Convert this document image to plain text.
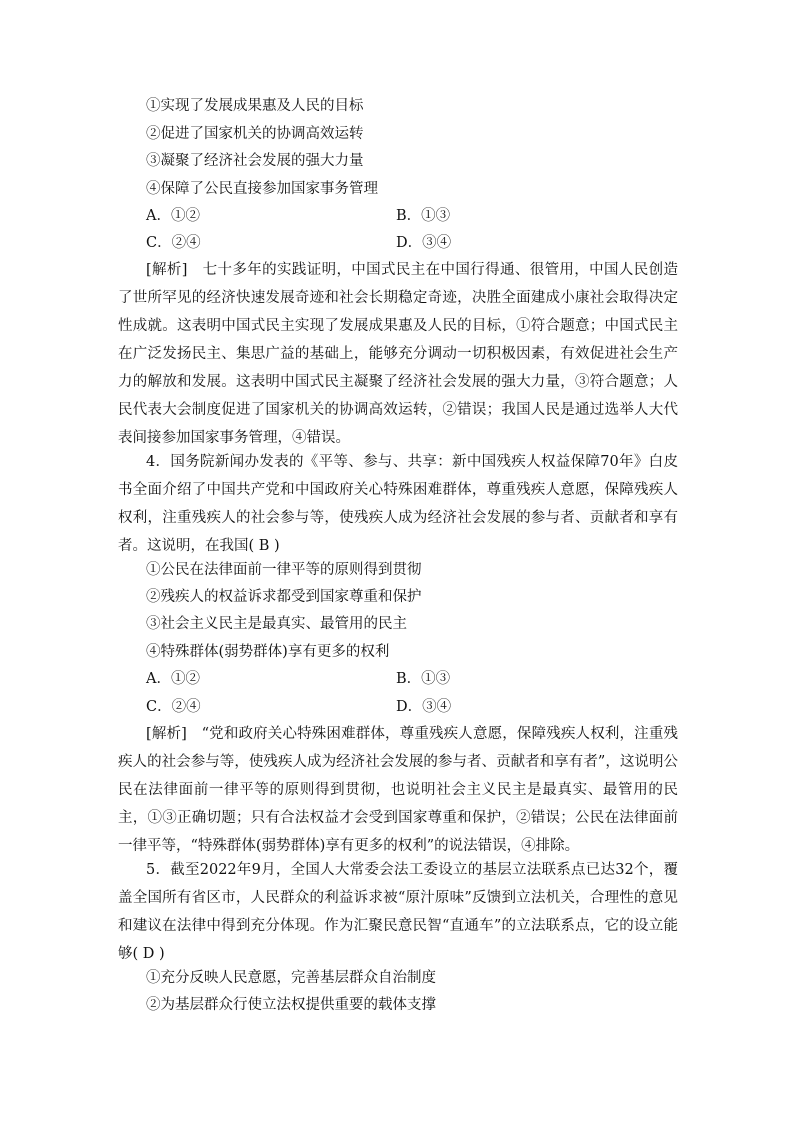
①实现了发展成果惠及人民的目标
②促进了国家机关的协调高效运转
③凝聚了经济社会发展的强大力量
④保障了公民直接参加国家事务管理
A．①②	B．①③
C．②④	D．③④

[解析]　七十多年的实践证明，中国式民主在中国行得通、很管用，中国人民创造了世所罕见的经济快速发展奇迹和社会长期稳定奇迹，决胜全面建成小康社会取得决定性成就。这表明中国式民主实现了发展成果惠及人民的目标，①符合题意；中国式民主在广泛发扬民主、集思广益的基础上，能够充分调动一切积极因素，有效促进社会生产力的解放和发展。这表明中国式民主凝聚了经济社会发展的强大力量，③符合题意；人民代表大会制度促进了国家机关的协调高效运转，②错误；我国人民是通过选举人大代表间接参加国家事务管理，④错误。

4．国务院新闻办发表的《平等、参与、共享：新中国残疾人权益保障70年》白皮书全面介绍了中国共产党和中国政府关心特殊困难群体，尊重残疾人意愿，保障残疾人权利，注重残疾人的社会参与等，使残疾人成为经济社会发展的参与者、贡献者和享有者。这说明，在我国( B )

①公民在法律面前一律平等的原则得到贯彻
②残疾人的权益诉求都受到国家尊重和保护
③社会主义民主是最真实、最管用的民主
④特殊群体(弱势群体)享有更多的权利
A．①②	B．①③
C．②④	D．③④

[解析]　“党和政府关心特殊困难群体，尊重残疾人意愿，保障残疾人权利，注重残疾人的社会参与等，使残疾人成为经济社会发展的参与者、贡献者和享有者”，这说明公民在法律面前一律平等的原则得到贯彻，也说明社会主义民主是最真实、最管用的民主，①③正确切题；只有合法权益才会受到国家尊重和保护，②错误；公民在法律面前一律平等，“特殊群体(弱势群体)享有更多的权利”的说法错误，④排除。

5．截至2022年9月，全国人大常委会法工委设立的基层立法联系点已达32个，覆盖全国所有省区市，人民群众的利益诉求被“原汁原味”反馈到立法机关，合理性的意见和建议在法律中得到充分体现。作为汇聚民意民智“直通车”的立法联系点，它的设立能够( D )

①充分反映人民意愿，完善基层群众自治制度
②为基层群众行使立法权提供重要的载体支撑
